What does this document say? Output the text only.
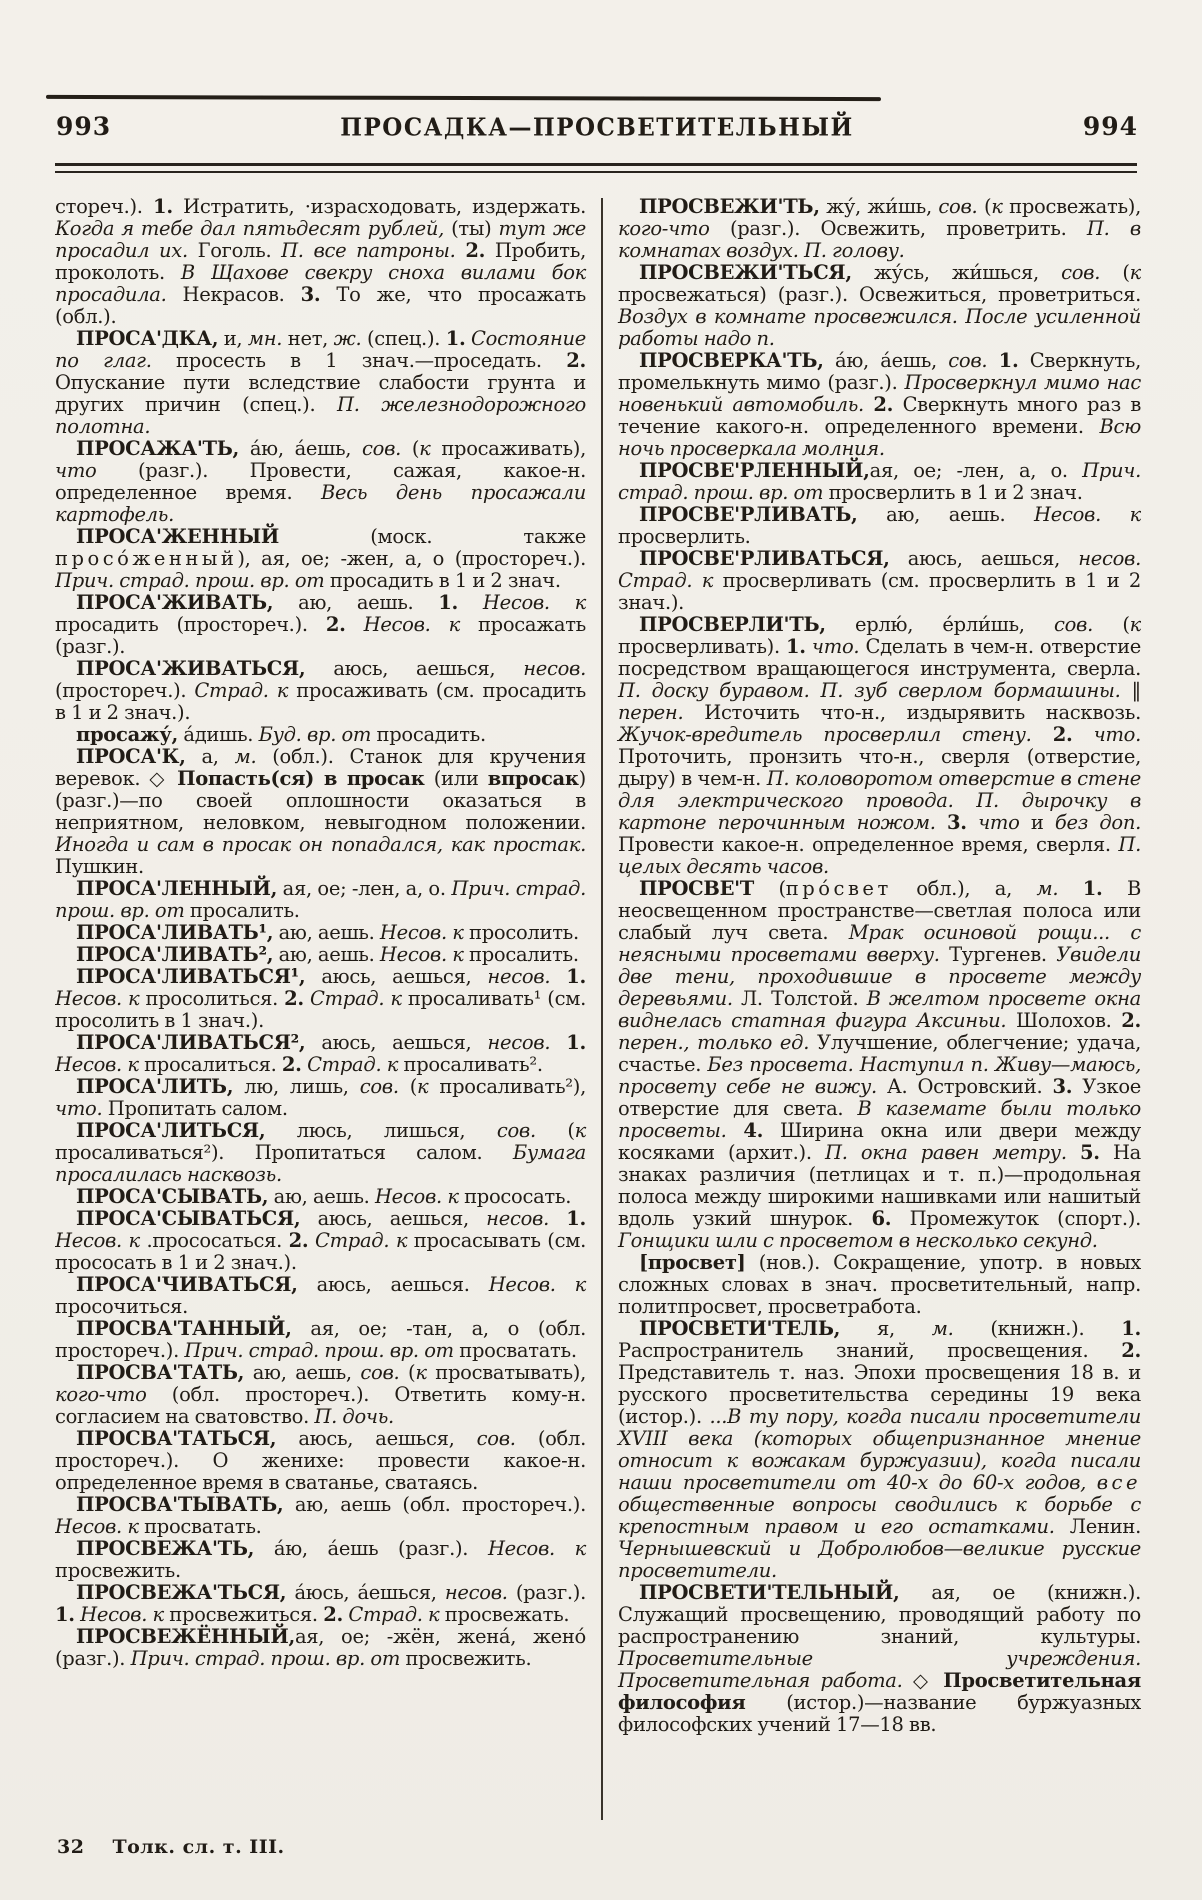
993	ПРОСАДКА—ПРОСВЕТИТЕЛЬНЫЙ	994

стореч.). 1. Истратить, ·израсходовать, издержать. Когда я тебе дал пятьдесят рублей, (ты) тут же просадил их. Гоголь. П. все патроны. 2. Пробить, проколоть. В Щахове свекру сноха вилами бок просадила. Некрасов. 3. То же, что просажать (обл.).

ПРОСА'ДКА, и, мн. нет, ж. (спец.). 1. Состояние по глаг. просесть в 1 знач.—проседать. 2. Опускание пути вследствие слабости грунта и других причин (спец.). П. железнодорожного полотна.

ПРОСАЖА'ТЬ, а́ю, а́ешь, сов. (к просаживать), что (разг.). Провести, сажая, какое-н. определенное время. Весь день просажали картофель.

ПРОСА'ЖЕННЫЙ (моск. также просо́женный), ая, ое; -жен, а, о (простореч.). Прич. страд. прош. вр. от просадить в 1 и 2 знач.

ПРОСА'ЖИВАТЬ, аю, аешь. 1. Несов. к просадить (простореч.). 2. Несов. к просажать (разг.).

ПРОСА'ЖИВАТЬСЯ, аюсь, аешься, несов. (простореч.). Страд. к просаживать (см. просадить в 1 и 2 знач.).

просажу́, а́дишь. Буд. вр. от просадить.

ПРОСА'К, а, м. (обл.). Станок для кручения веревок. ◇ Попасть(ся) в просак (или впросак) (разг.)—по своей оплошности оказаться в неприятном, неловком, невыгодном положении. Иногда и сам в просак он попадался, как простак. Пушкин.

ПРОСА'ЛЕННЫЙ, ая, ое; -лен, а, о. Прич. страд. прош. вр. от просалить.

ПРОСА'ЛИВАТЬ¹, аю, аешь. Несов. к просолить.

ПРОСА'ЛИВАТЬ², аю, аешь. Несов. к просалить.

ПРОСА'ЛИВАТЬСЯ¹, аюсь, аешься, несов. 1. Несов. к просолиться. 2. Страд. к просаливать¹ (см. просолить в 1 знач.).

ПРОСА'ЛИВАТЬСЯ², аюсь, аешься, несов. 1. Несов. к просалиться. 2. Страд. к просаливать².

ПРОСА'ЛИТЬ, лю, лишь, сов. (к просаливать²), что. Пропитать салом.

ПРОСА'ЛИТЬСЯ, люсь, лишься, сов. (к просаливаться²). Пропитаться салом. Бумага просалилась насквозь.

ПРОСА'СЫВАТЬ, аю, аешь. Несов. к прососать.

ПРОСА'СЫВАТЬСЯ, аюсь, аешься, несов. 1. Несов. к .прососаться. 2. Страд. к просасывать (см. прососать в 1 и 2 знач.).

ПРОСА'ЧИВАТЬСЯ, аюсь, аешься. Несов. к просочиться.

ПРОСВА'ТАННЫЙ, ая, ое; -тан, а, о (обл. простореч.). Прич. страд. прош. вр. от просватать.

ПРОСВА'ТАТЬ, аю, аешь, сов. (к просватывать), кого-что (обл. простореч.). Ответить кому-н. согласием на сватовство. П. дочь.

ПРОСВА'ТАТЬСЯ, аюсь, аешься, сов. (обл. простореч.). О женихе: провести какое-н. определенное время в сватанье, сватаясь.

ПРОСВА'ТЫВАТЬ, аю, аешь (обл. простореч.). Несов. к просватать.

ПРОСВЕЖА'ТЬ, а́ю, а́ешь (разг.). Несов. к просвежить.

ПРОСВЕЖА'ТЬСЯ, а́юсь, а́ешься, несов. (разг.). 1. Несов. к просвежиться. 2. Страд. к просвежать.

ПРОСВЕЖЁННЫЙ,ая, ое; -жён, жена́, жено́ (разг.). Прич. страд. прош. вр. от просвежить.

ПРОСВЕЖИ'ТЬ, жу́, жи́шь, сов. (к просвежать), кого-что (разг.). Освежить, проветрить. П. в комнатах воздух. П. голову.

ПРОСВЕЖИ'ТЬСЯ, жу́сь, жи́шься, сов. (к просвежаться) (разг.). Освежиться, проветриться. Воздух в комнате просвежился. После усиленной работы надо п.

ПРОСВЕРКА'ТЬ, а́ю, а́ешь, сов. 1. Сверкнуть, промелькнуть мимо (разг.). Просверкнул мимо нас новенький автомобиль. 2. Сверкнуть много раз в течение какого-н. определенного времени. Всю ночь просверкала молния.

ПРОСВЕ'РЛЕННЫЙ,ая, ое; -лен, а, о. Прич. страд. прош. вр. от просверлить в 1 и 2 знач.

ПРОСВЕ'РЛИВАТЬ, аю, аешь. Несов. к просверлить.

ПРОСВЕ'РЛИВАТЬСЯ, аюсь, аешься, несов. Страд. к просверливать (см. просверлить в 1 и 2 знач.).

ПРОСВЕРЛИ'ТЬ, ерлю́, е́рли́шь, сов. (к просверливать). 1. что. Сделать в чем-н. отверстие посредством вращающегося инструмента, сверла. П. доску буравом. П. зуб сверлом бормашины. ‖ перен. Источить что-н., издырявить насквозь. Жучок-вредитель просверлил стену. 2. что. Проточить, пронзить что-н., сверля (отверстие, дыру) в чем-н. П. коловоротом отверстие в стене для электрического провода. П. дырочку в картоне перочинным ножом. 3. что и без доп. Провести какое-н. определенное время, сверля. П. целых десять часов.

ПРОСВЕ'Т (про́свет обл.), а, м. 1. В неосвещенном пространстве—светлая полоса или слабый луч света. Мрак осиновой рощи... с неясными просветами вверху. Тургенев. Увидели две тени, проходившие в просвете между деревьями. Л. Толстой. В желтом просвете окна виднелась статная фигура Аксиньи. Шолохов. 2. перен., только ед. Улучшение, облегчение; удача, счастье. Без просвета. Наступил п. Живу—маюсь, просвету себе не вижу. А. Островский. 3. Узкое отверстие для света. В каземате были только просветы. 4. Ширина окна или двери между косяками (архит.). П. окна равен метру. 5. На знаках различия (петлицах и т. п.)—продольная полоса между широкими нашивками или нашитый вдоль узкий шнурок. 6. Промежуток (спорт.). Гонщики шли с просветом в несколько секунд.

[просвет] (нов.). Сокращение, употр. в новых сложных словах в знач. просветительный, напр. политпросвет, просветработа.

ПРОСВЕТИ'ТЕЛЬ, я, м. (книжн.). 1. Распространитель знаний, просвещения. 2. Представитель т. наз. Эпохи просвещения 18 в. и русского просветительства середины 19 века (истор.). ...В ту пору, когда писали просветители XVIII века (которых общепризнанное мнение относит к вожакам буржуазии), когда писали наши просветители от 40-х до 60-х годов, все общественные вопросы сводились к борьбе с крепостным правом и его остатками. Ленин. Чернышевский и Добролюбов—великие русские просветители.

ПРОСВЕТИ'ТЕЛЬНЫЙ, ая, ое (книжн.). Служащий просвещению, проводящий работу по распространению знаний, культуры. Просветительные учреждения. Просветительная работа. ◇ Просветительная философия (истор.)—название буржуазных философских учений 17—18 вв.

32 Толк. сл. т. III.
